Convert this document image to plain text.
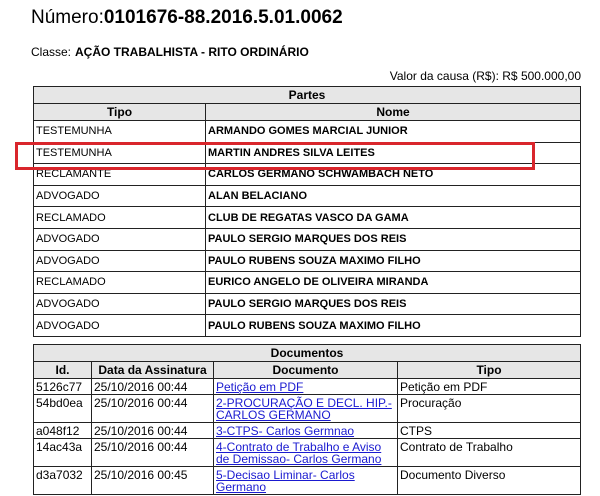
Número:0101676-88.2016.5.01.0062
Classe: AÇÃO TRABALHISTA - RITO ORDINÁRIO
Valor da causa (R$): R$ 500.000,00
Partes	
Tipo	Nome
TESTEMUNHA	ARMANDO GOMES MARCIAL JUNIOR
TESTEMUNHA	MARTIN ANDRES SILVA LEITES
RECLAMANTE	CARLOS GERMANO SCHWAMBACH NETO
ADVOGADO	ALAN BELACIANO
RECLAMADO	CLUB DE REGATAS VASCO DA GAMA
ADVOGADO	PAULO SERGIO MARQUES DOS REIS
ADVOGADO	PAULO RUBENS SOUZA MAXIMO FILHO
RECLAMADO	EURICO ANGELO DE OLIVEIRA MIRANDA
ADVOGADO	PAULO SERGIO MARQUES DOS REIS
ADVOGADO	PAULO RUBENS SOUZA MAXIMO FILHO
Documentos			
Id.	Data da Assinatura	Documento	Tipo
5126c77	25/10/2016 00:44	Petição em PDF	Petição em PDF
54bd0ea	25/10/2016 00:44	2-PROCURAÇÃO E DECL. HIP.- CARLOS GERMANO	Procuração
a048f12	25/10/2016 00:44	3-CTPS- Carlos Germnao	CTPS
14ac43a	25/10/2016 00:44	4-Contrato de Trabalho e Aviso de Demissao- Carlos Germano	Contrato de Trabalho
d3a7032	25/10/2016 00:45	5-Decisao Liminar- Carlos Germano	Documento Diverso
